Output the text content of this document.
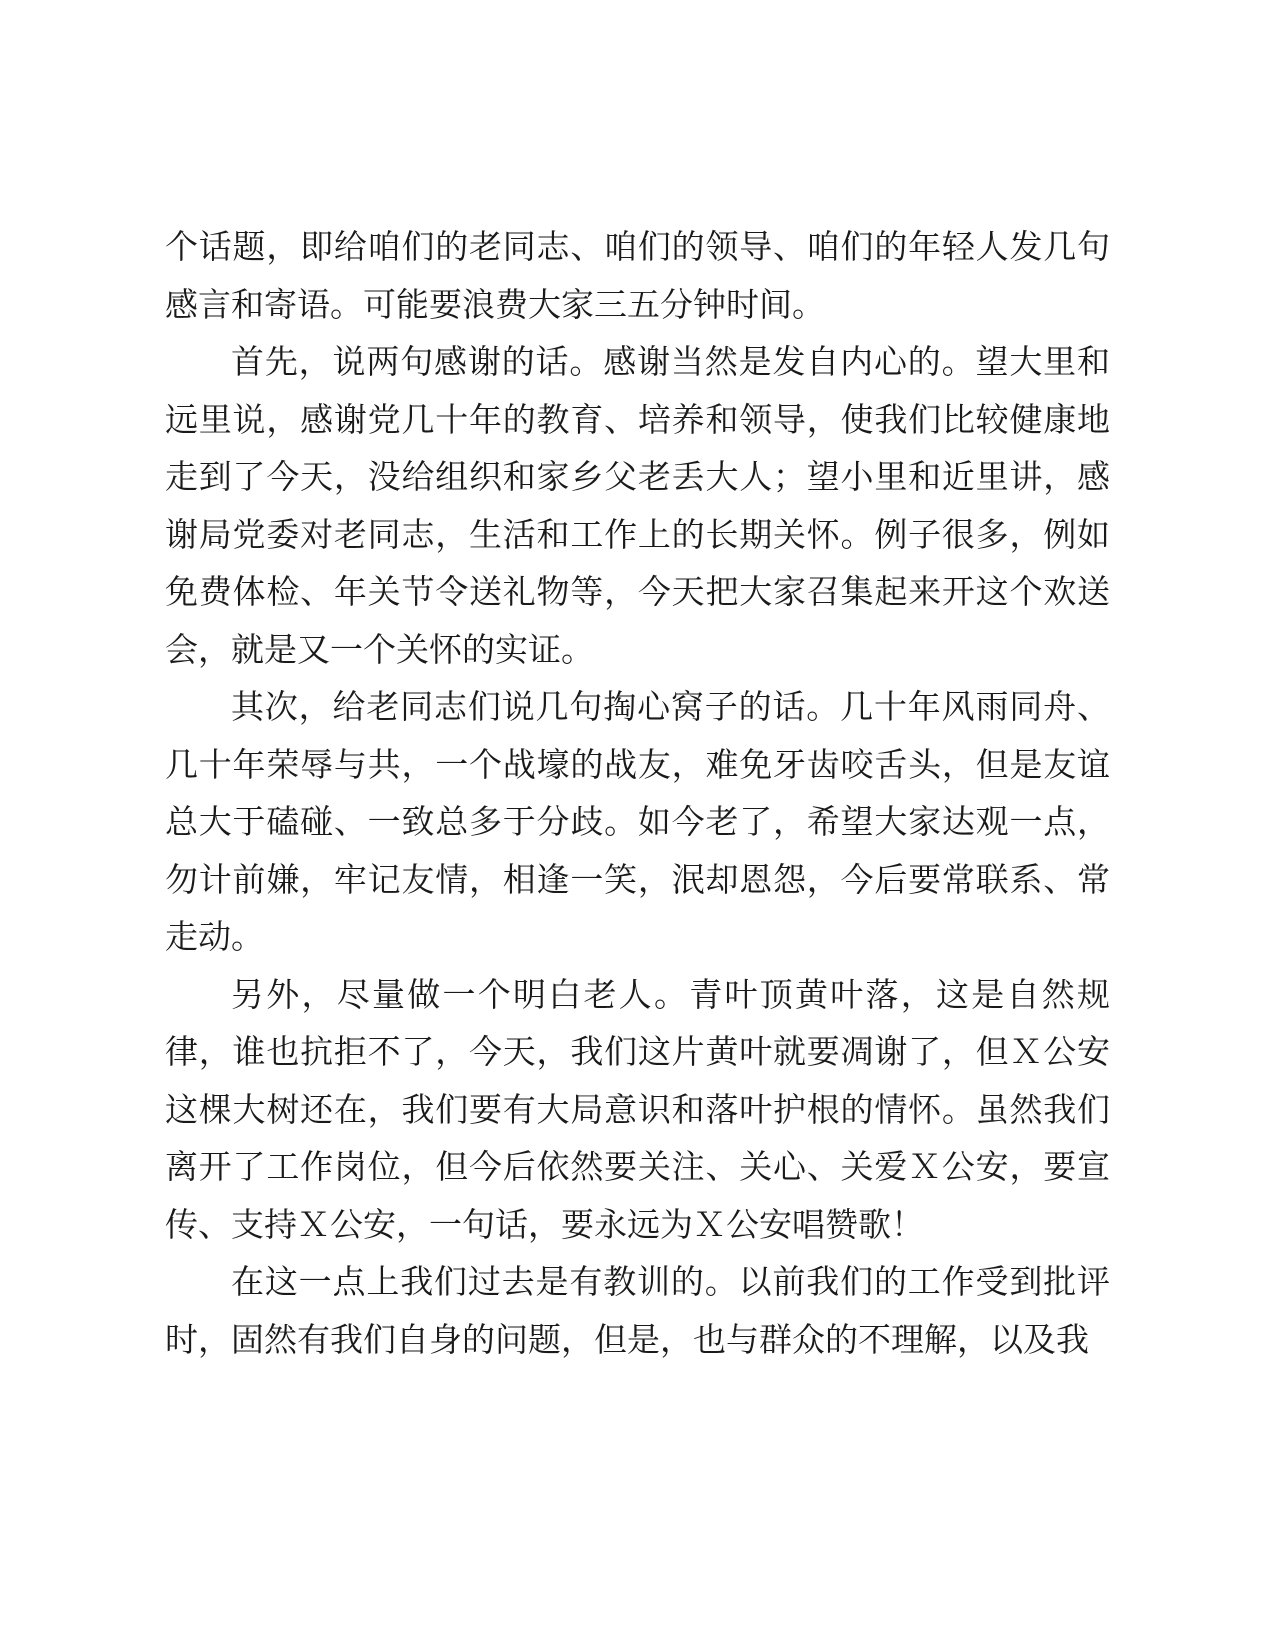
个话题，即给咱们的老同志、咱们的领导、咱们的年轻人发几句感言和寄语。可能要浪费大家三五分钟时间。

首先，说两句感谢的话。感谢当然是发自内心的。望大里和远里说，感谢党几十年的教育、培养和领导，使我们比较健康地走到了今天，没给组织和家乡父老丢大人；望小里和近里讲，感谢局党委对老同志，生活和工作上的长期关怀。例子很多，例如免费体检、年关节令送礼物等，今天把大家召集起来开这个欢送会，就是又一个关怀的实证。

其次，给老同志们说几句掏心窝子的话。几十年风雨同舟、几十年荣辱与共，一个战壕的战友，难免牙齿咬舌头，但是友谊总大于磕碰、一致总多于分歧。如今老了，希望大家达观一点，勿计前嫌，牢记友情，相逢一笑，泯却恩怨，今后要常联系、常走动。

另外，尽量做一个明白老人。青叶顶黄叶落，这是自然规律，谁也抗拒不了，今天，我们这片黄叶就要凋谢了，但Ｘ公安这棵大树还在，我们要有大局意识和落叶护根的情怀。虽然我们离开了工作岗位，但今后依然要关注、关心、关爱Ｘ公安，要宣传、支持Ｘ公安，一句话，要永远为Ｘ公安唱赞歌！

在这一点上我们过去是有教训的。以前我们的工作受到批评时，固然有我们自身的问题，但是，也与群众的不理解，以及我
